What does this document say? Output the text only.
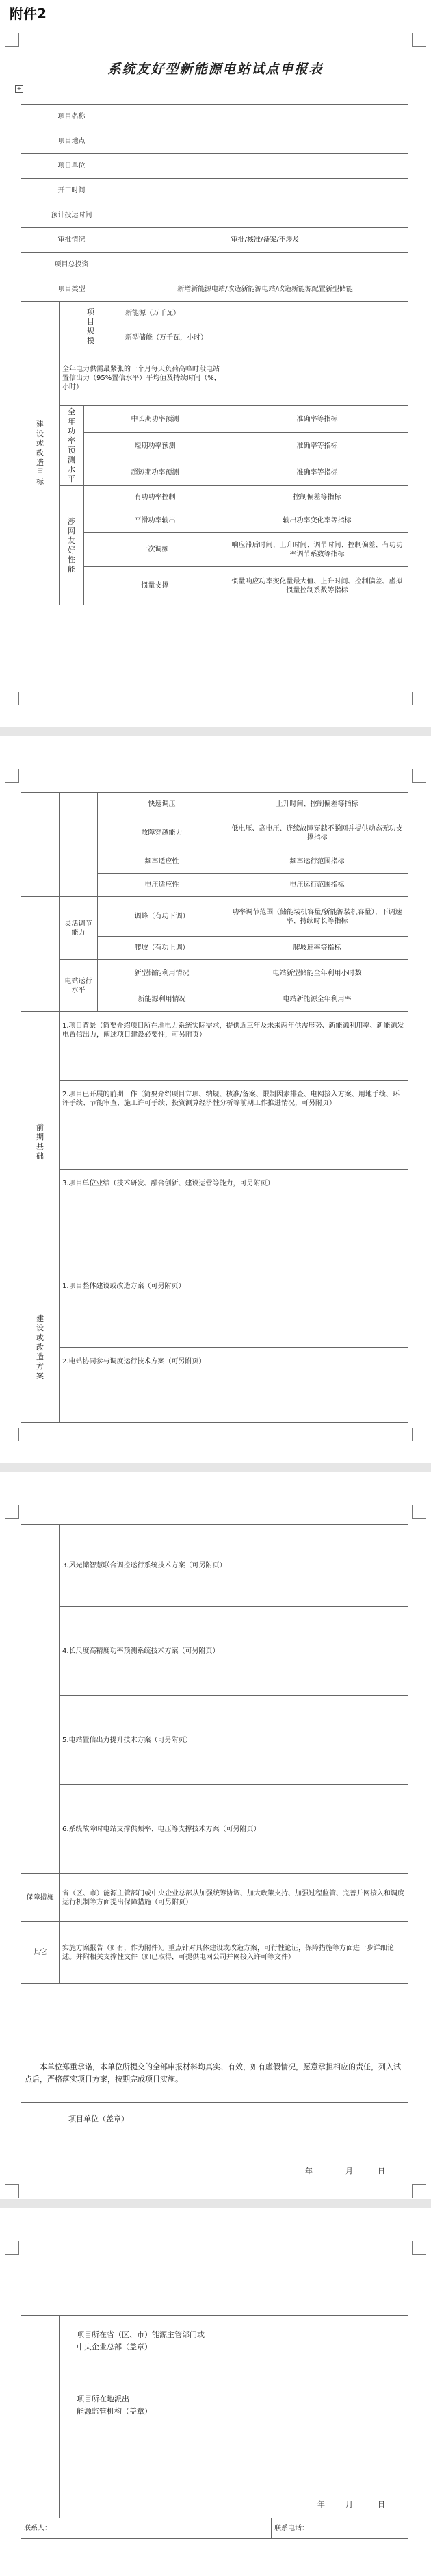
附件2
+
系统友好型新能源电站试点申报表
项目名称				
项目地点				
项目单位				
开工时间				
预计投运时间				
审批情况			审批/核准/备案/不涉及	
项目总投资				
项目类型			新增新能源电站/改造新能源电站/改造新能源配置新型储能	

建设或改造目标	项目规模		新能源（万千瓦）	
			新型储能（万千瓦，小时）	
	全年电力供需最紧张的一个月每天负荷高峰时段电站置信出力（95%置信水平）平均值及持续时间（%，小时）			

	全年功率预测水平	中长期功率预测		准确率等指标
		短期功率预测		准确率等指标
		超短期功率预测		准确率等指标

	涉网友好性能	有功功率控制		控制偏差等指标
		平滑功率输出		输出功率变化率等指标
		一次调频		响应滞后时间、上升时间、调节时间、控制偏差、有功功率调节系数等指标
		惯量支撑		惯量响应功率变化量最大值、上升时间、控制偏差、虚拟惯量控制系数等指标
		快速调压	上升时间、控制偏差等指标
		故障穿越能力	低电压、高电压、连续故障穿越不脱网并提供动态无功支撑指标
		频率适应性	频率运行范围指标
		电压适应性	电压运行范围指标
	灵活调节能力	调峰（有功下调）	功率调节范围（储能装机容量/新能源装机容量）、下调速率、持续时长等指标
		爬坡（有功上调）	爬坡速率等指标
	电站运行水平	新型储能利用情况	电站新型储能全年利用小时数
		新能源利用情况	电站新能源全年利用率

前期基础	1.项目背景（简要介绍项目所在地电力系统实际需求，提供近三年及未来两年供需形势、新能源利用率、新能源发电置信出力，阐述项目建设必要性，可另附页）		
	2.项目已开展的前期工作（简要介绍项目立项、纳规、核准/备案、限制因素排查、电网接入方案、用地手续、环评手续、节能审查、施工许可手续、投资测算经济性分析等前期工作推进情况，可另附页）		
	3.项目单位业绩（技术研发、融合创新、建设运营等能力，可另附页）		

建设或改造方案	1.项目整体建设或改造方案（可另附页）		
	2.电站协同参与调度运行技术方案（可另附页）		
	3.风光储智慧联合调控运行系统技术方案（可另附页）
	4.长尺度高精度功率预测系统技术方案（可另附页）
	5.电站置信出力提升技术方案（可另附页）
	6.系统故障时电站支撑供频率、电压等支撑技术方案（可另附页）
保障措施	省（区、市）能源主管部门或中央企业总部从加强统筹协调、加大政策支持、加强过程监管、完善并网接入和调度运行机制等方面提出保障措施（可另附页）
其它	实施方案报告（如有，作为附件）。重点针对具体建设或改造方案，可行性论证，保障措施等方面进一步详细论述。并附相关支撑性文件（如已取得，可提供电网公司并网接入许可等文件）

本单位郑重承诺，本单位所提交的全部申报材料均真实、有效，如有虚假情况，愿意承担相应的责任，列入试点后，严格落实项目方案，按期完成项目实施。
项目单位（盖章）
年	月	日

联系人：		联系电话：
项目所在省（区、市）能源主管部门或
中央企业总部（盖章）
项目所在地派出
能源监管机构（盖章）
年	月	日
